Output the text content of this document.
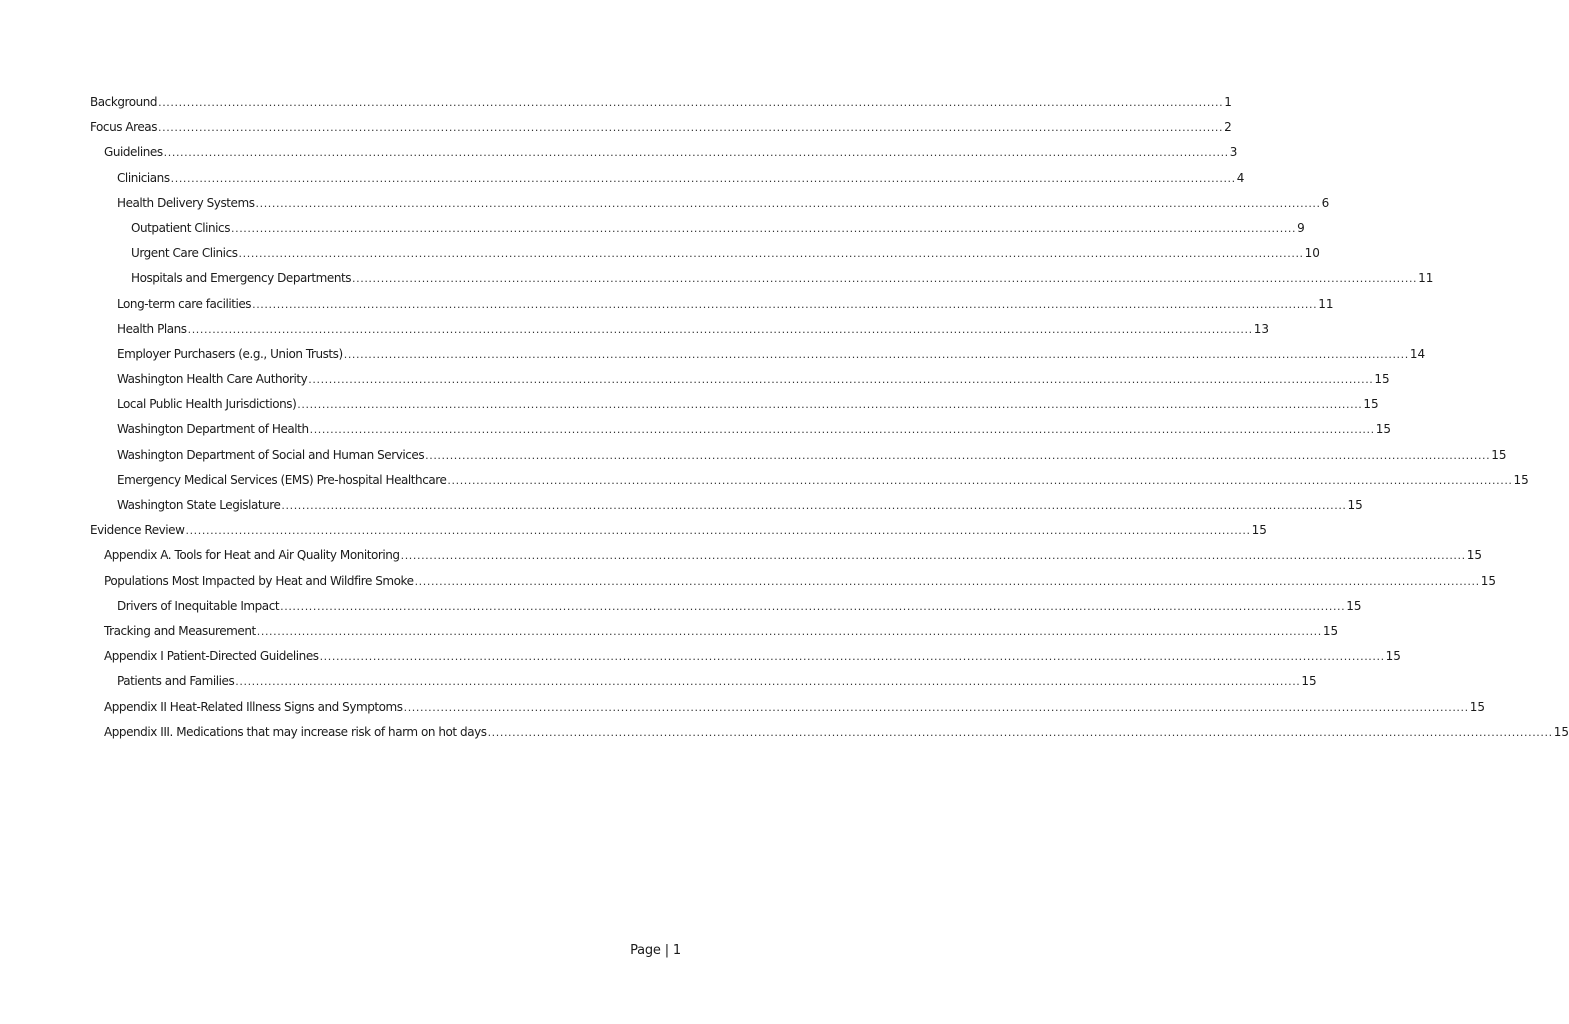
Background .................................................................................................................................................................................................................................................................... 1
Focus Areas .................................................................................................................................................................................................................................................................... 2
Guidelines .................................................................................................................................................................................................................................................................... 3
Clinicians .................................................................................................................................................................................................................................................................... 4
Health Delivery Systems .................................................................................................................................................................................................................................................................... 6
Outpatient Clinics .................................................................................................................................................................................................................................................................... 9
Urgent Care Clinics .................................................................................................................................................................................................................................................................... 10
Hospitals and Emergency Departments .................................................................................................................................................................................................................................................................... 11
Long-term care facilities .................................................................................................................................................................................................................................................................... 11
Health Plans .................................................................................................................................................................................................................................................................... 13
Employer Purchasers (e.g., Union Trusts) .................................................................................................................................................................................................................................................................... 14
Washington Health Care Authority .................................................................................................................................................................................................................................................................... 15
Local Public Health Jurisdictions) .................................................................................................................................................................................................................................................................... 15
Washington Department of Health .................................................................................................................................................................................................................................................................... 15
Washington Department of Social and Human Services .................................................................................................................................................................................................................................................................... 15
Emergency Medical Services (EMS) Pre-hospital Healthcare .................................................................................................................................................................................................................................................................... 15
Washington State Legislature .................................................................................................................................................................................................................................................................... 15
Evidence Review .................................................................................................................................................................................................................................................................... 15
Appendix A. Tools for Heat and Air Quality Monitoring .................................................................................................................................................................................................................................................................... 15
Populations Most Impacted by Heat and Wildfire Smoke .................................................................................................................................................................................................................................................................... 15
Drivers of Inequitable Impact .................................................................................................................................................................................................................................................................... 15
Tracking and Measurement .................................................................................................................................................................................................................................................................... 15
Appendix I Patient-Directed Guidelines .................................................................................................................................................................................................................................................................... 15
Patients and Families .................................................................................................................................................................................................................................................................... 15
Appendix II Heat-Related Illness Signs and Symptoms .................................................................................................................................................................................................................................................................... 15
Appendix III. Medications that may increase risk of harm on hot days .................................................................................................................................................................................................................................................................... 15
Page | 1
